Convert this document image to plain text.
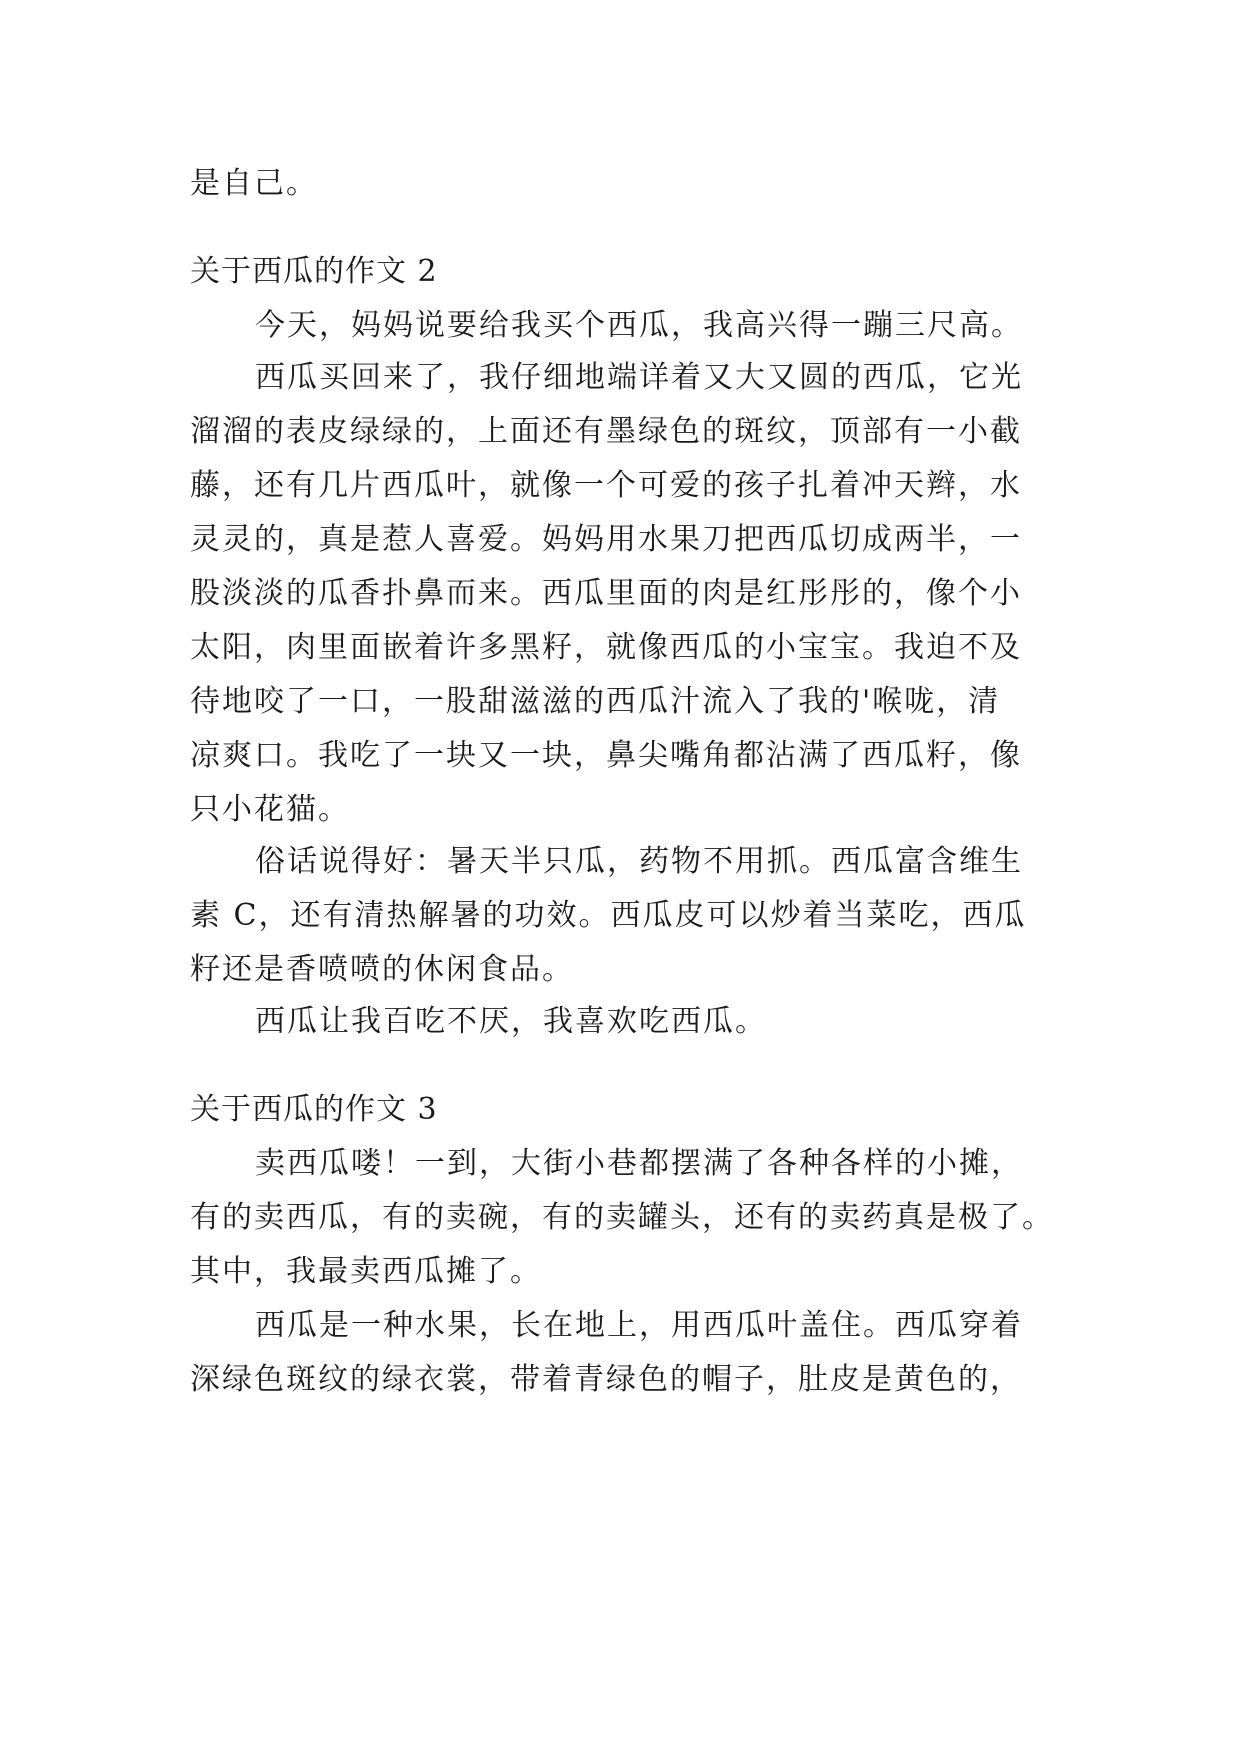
是自己。
关于西瓜的作文 2
今天，妈妈说要给我买个西瓜，我高兴得一蹦三尺高。
西瓜买回来了，我仔细地端详着又大又圆的西瓜，它光
溜溜的表皮绿绿的，上面还有墨绿色的斑纹，顶部有一小截
藤，还有几片西瓜叶，就像一个可爱的孩子扎着冲天辫，水
灵灵的，真是惹人喜爱。妈妈用水果刀把西瓜切成两半，一
股淡淡的瓜香扑鼻而来。西瓜里面的肉是红彤彤的，像个小
太阳，肉里面嵌着许多黑籽，就像西瓜的小宝宝。我迫不及
待地咬了一口，一股甜滋滋的西瓜汁流入了我的'喉咙，清
凉爽口。我吃了一块又一块，鼻尖嘴角都沾满了西瓜籽，像
只小花猫。
俗话说得好：暑天半只瓜，药物不用抓。西瓜富含维生
素 C，还有清热解暑的功效。西瓜皮可以炒着当菜吃，西瓜
籽还是香喷喷的休闲食品。
西瓜让我百吃不厌，我喜欢吃西瓜。
关于西瓜的作文 3
卖西瓜喽！一到，大街小巷都摆满了各种各样的小摊，
有的卖西瓜，有的卖碗，有的卖罐头，还有的卖药真是极了。
其中，我最卖西瓜摊了。
西瓜是一种水果，长在地上，用西瓜叶盖住。西瓜穿着
深绿色斑纹的绿衣裳，带着青绿色的帽子，肚皮是黄色的，
